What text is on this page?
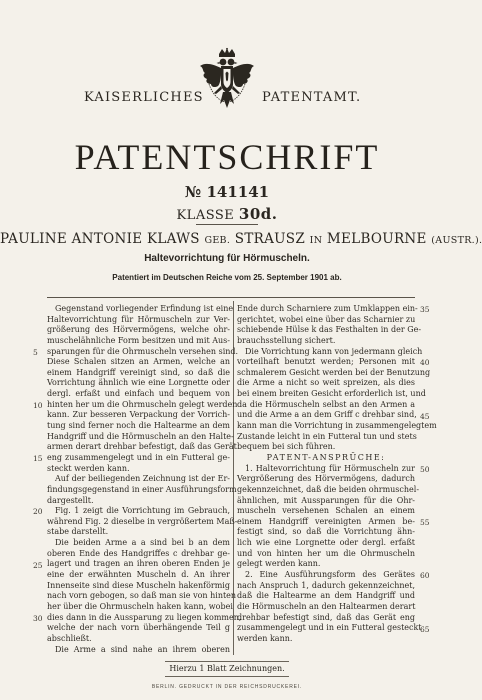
KAISERLICHES	PATENTAMT.
PATENTSCHRIFT
№ 141141
KLASSE 30d.
PAULINE ANTONIE KLAWS GEB. STRAUSZ IN MELBOURNE (AUSTR.).
Haltevorrichtung für Hörmuscheln.
Patentiert im Deutschen Reiche vom 25. September 1901 ab.
Gegenstand vorliegender Erfindung ist eine
Haltevorrichtung für Hörmuscheln zur Ver-
größerung des Hörvermögens, welche ohr-
muschelähnliche Form besitzen und mit Aus-
sparungen für die Ohrmuscheln versehen sind.
Diese Schalen sitzen an Armen, welche an
einem Handgriff vereinigt sind, so daß die
Vorrichtung ähnlich wie eine Lorgnette oder
dergl. erfaßt und einfach und bequem von
hinten her um die Ohrmuscheln gelegt werden
kann. Zur besseren Verpackung der Vorrich-
tung sind ferner noch die Haltearme an dem
Handgriff und die Hörmuscheln an den Halte-
armen derart drehbar befestigt, daß das Gerät
eng zusammengelegt und in ein Futteral ge-
steckt werden kann.
Auf der beiliegenden Zeichnung ist der Er-
findungsgegenstand in einer Ausführungsform
dargestellt.
Fig. 1 zeigt die Vorrichtung im Gebrauch,
während Fig. 2 dieselbe in vergrößertem Maß-
stabe darstellt.
Die beiden Arme a a sind bei b an dem
oberen Ende des Handgriffes c drehbar ge-
lagert und tragen an ihren oberen Enden je
eine der erwähnten Muscheln d. An ihrer
Innenseite sind diese Muscheln hakenförmig
nach vorn gebogen, so daß man sie von hinten
her über die Ohrmuscheln haken kann, wobei
dies dann in die Aussparung zu liegen kommen,
welche der nach vorn überhängende Teil g
abschließt.
Die Arme a sind nahe an ihrem oberen
Ende durch Scharniere zum Umklappen ein-
gerichtet, wobei eine über das Scharnier zu
schiebende Hülse k das Festhalten in der Ge-
brauchsstellung sichert.
Die Vorrichtung kann von jedermann gleich
vorteilhaft benutzt werden; Personen mit
schmalerem Gesicht werden bei der Benutzung
die Arme a nicht so weit spreizen, als dies
bei einem breiten Gesicht erforderlich ist, und
da die Hörmuscheln selbst an den Armen a
und die Arme a an dem Griff c drehbar sind,
kann man die Vorrichtung in zusammengelegtem
Zustande leicht in ein Futteral tun und stets
bequem bei sich führen.
PATENT-ANSPRÜCHE:
1. Haltevorrichtung für Hörmuscheln zur
Vergrößerung des Hörvermögens, dadurch
gekennzeichnet, daß die beiden ohrmuschel-
ähnlichen, mit Aussparungen für die Ohr-
muscheln versehenen Schalen an einem
einem Handgriff vereinigten Armen be-
festigt sind, so daß die Vorrichtung ähn-
lich wie eine Lorgnette oder dergl. erfaßt
und von hinten her um die Ohrmuscheln
gelegt werden kann.
2. Eine Ausführungsform des Gerätes
nach Anspruch 1, dadurch gekennzeichnet,
daß die Haltearme an dem Handgriff und
die Hörmuscheln an den Haltearmen derart
drehbar befestigt sind, daß das Gerät eng
zusammengelegt und in ein Futteral gesteckt
werden kann.
5
10
15
20
25
30
35
40
45
50
55
60
65
Hierzu 1 Blatt Zeichnungen.
BERLIN. GEDRUCKT IN DER REICHSDRUCKEREI.
